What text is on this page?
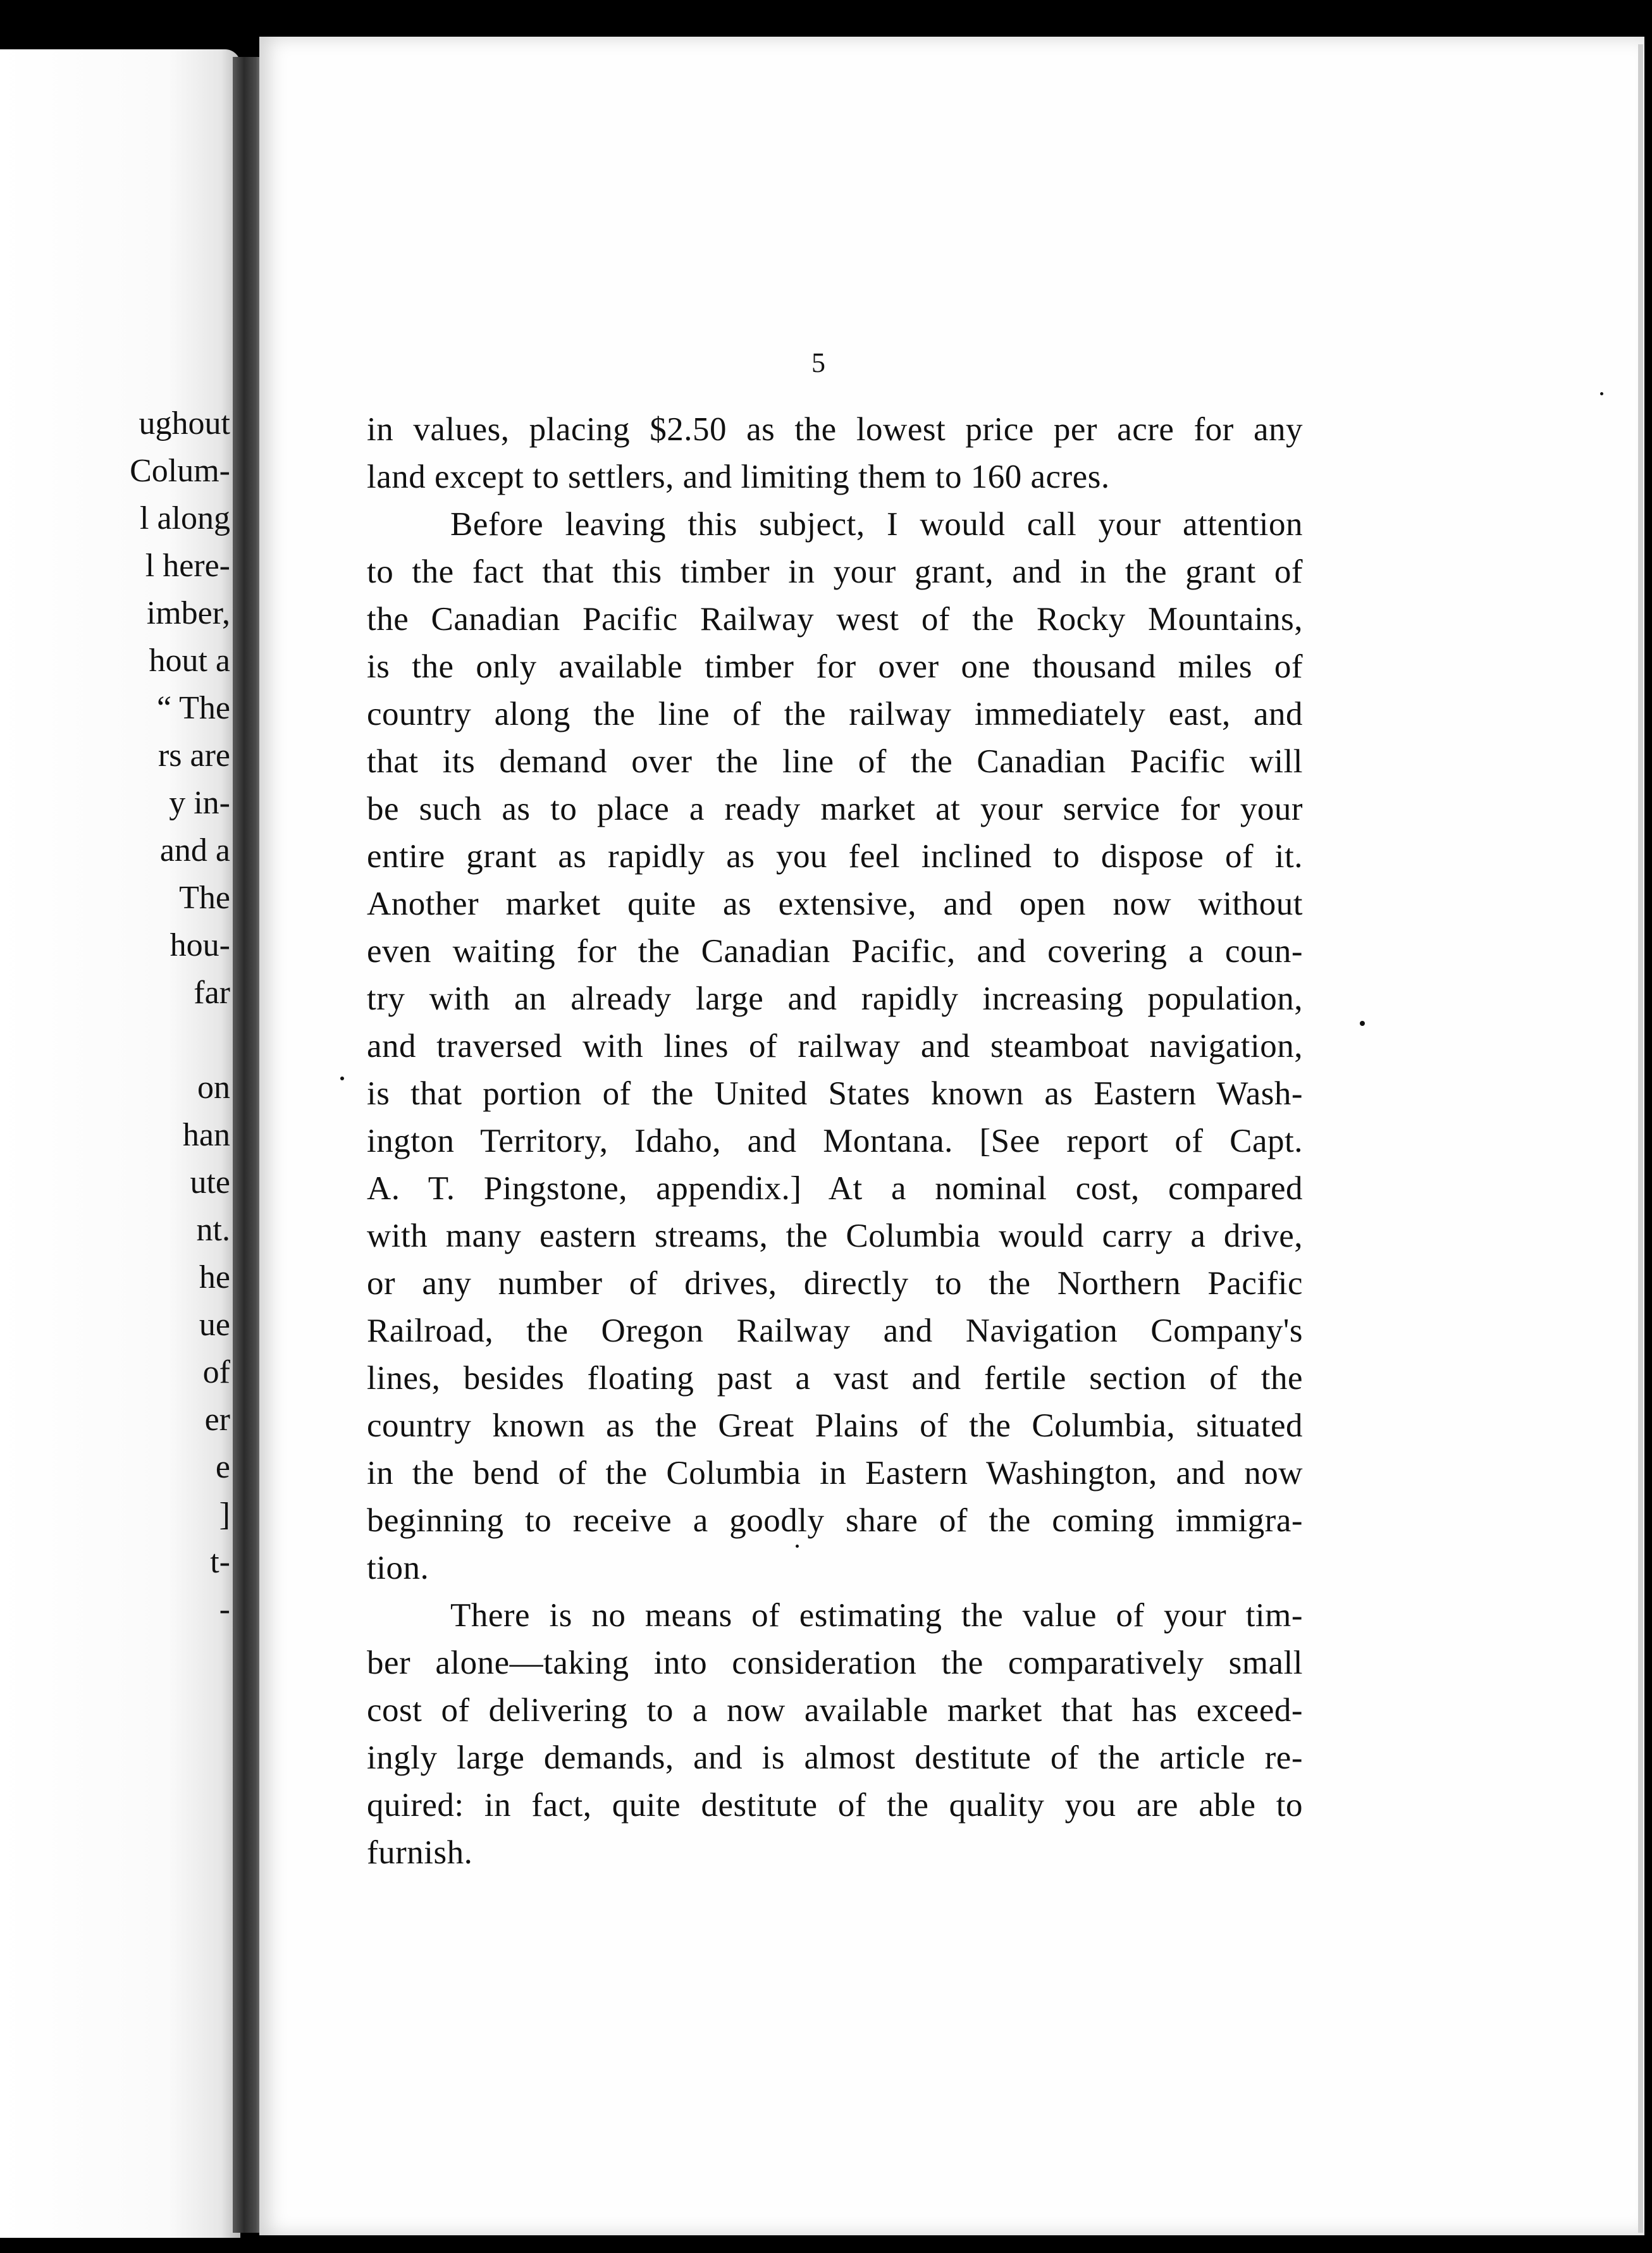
ughout
Colum-
l along
l here-
imber,
hout a
“ The
rs are
y in-
and a
The
hou-
far
on
han
ute
nt.
he
ue
of
er
e
]
t-
-
5
in values, placing $2.50 as the lowest price per acre for any
land except to settlers, and limiting them to 160 acres.
Before leaving this subject, I would call your attention
to the fact that this timber in your grant, and in the grant of
the Canadian Pacific Railway west of the Rocky Mountains,
is the only available timber for over one thousand miles of
country along the line of the railway immediately east, and
that its demand over the line of the Canadian Pacific will
be such as to place a ready market at your service for your
entire grant as rapidly as you feel inclined to dispose of it.
Another market quite as extensive, and open now without
even waiting for the Canadian Pacific, and covering a coun-
try with an already large and rapidly increasing population,
and traversed with lines of railway and steamboat navigation,
is that portion of the United States known as Eastern Wash-
ington Territory, Idaho, and Montana. [See report of Capt.
A. T. Pingstone, appendix.] At a nominal cost, compared
with many eastern streams, the Columbia would carry a drive,
or any number of drives, directly to the Northern Pacific
Railroad, the Oregon Railway and Navigation Company's
lines, besides floating past a vast and fertile section of the
country known as the Great Plains of the Columbia, situated
in the bend of the Columbia in Eastern Washington, and now
beginning to receive a goodly share of the coming immigra-
tion.
There is no means of estimating the value of your tim-
ber alone—taking into consideration the comparatively small
cost of delivering to a now available market that has exceed-
ingly large demands, and is almost destitute of the article re-
quired: in fact, quite destitute of the quality you are able to
furnish.
